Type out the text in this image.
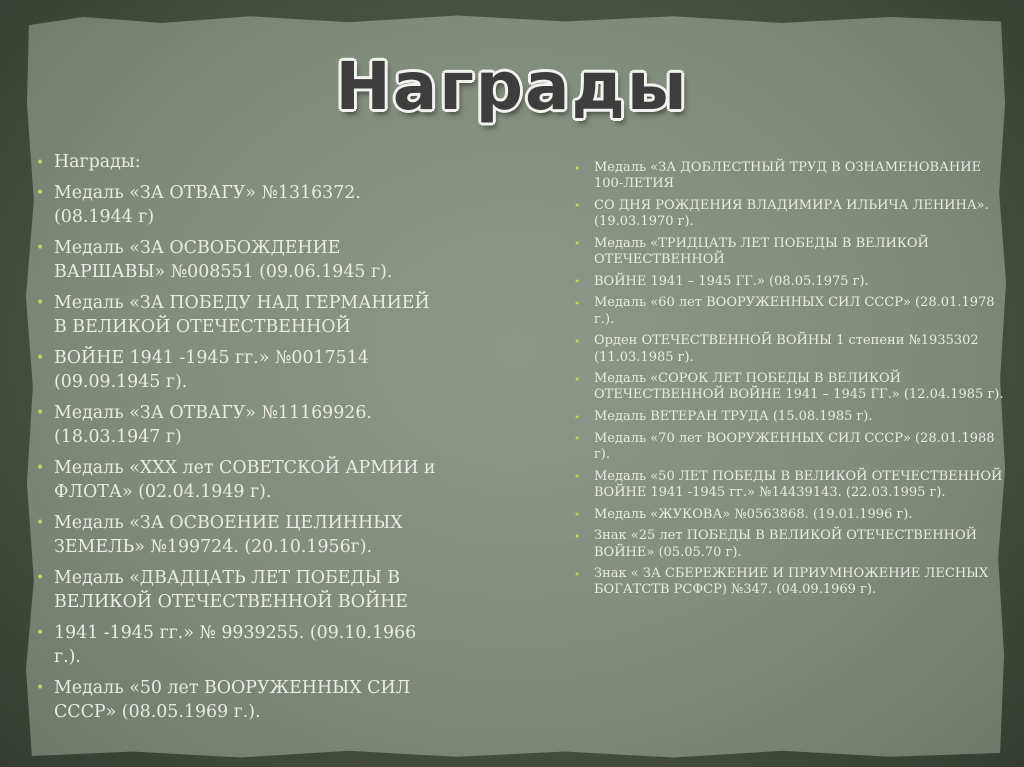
Награды
• Награды:
• Медаль «ЗА ОТВАГУ» №1316372. (08.1944 г)
• Медаль «ЗА ОСВОБОЖДЕНИЕ ВАРШАВЫ» №008551 (09.06.1945 г).
• Медаль «ЗА ПОБЕДУ НАД ГЕРМАНИЕЙ В ВЕЛИКОЙ ОТЕЧЕСТВЕННОЙ
• ВОЙНЕ 1941 -1945 гг.» №0017514 (09.09.1945 г).
• Медаль «ЗА ОТВАГУ» №11169926. (18.03.1947 г)
• Медаль «ХХХ лет СОВЕТСКОЙ АРМИИ и ФЛОТА» (02.04.1949 г).
• Медаль «ЗА ОСВОЕНИЕ ЦЕЛИННЫХ ЗЕМЕЛЬ» №199724. (20.10.1956г).
• Медаль «ДВАДЦАТЬ ЛЕТ ПОБЕДЫ В ВЕЛИКОЙ ОТЕЧЕСТВЕННОЙ ВОЙНЕ
• 1941 -1945 гг.» № 9939255. (09.10.1966 г.).
• Медаль «50 лет ВООРУЖЕННЫХ СИЛ СССР» (08.05.1969 г.).
• Медаль «ЗА ДОБЛЕСТНЫЙ ТРУД В ОЗНАМЕНОВАНИЕ 100-ЛЕТИЯ
• СО ДНЯ РОЖДЕНИЯ ВЛАДИМИРА ИЛЬИЧА ЛЕНИНА». (19.03.1970 г).
• Медаль «ТРИДЦАТЬ ЛЕТ ПОБЕДЫ В ВЕЛИКОЙ ОТЕЧЕСТВЕННОЙ
• ВОЙНЕ 1941 – 1945 ГГ.» (08.05.1975 г).
• Медаль «60 лет ВООРУЖЕННЫХ СИЛ СССР» (28.01.1978 г.).
• Орден ОТЕЧЕСТВЕННОЙ ВОЙНЫ 1 степени №1935302 (11.03.1985 г).
• Медаль «СОРОК ЛЕТ ПОБЕДЫ В ВЕЛИКОЙ ОТЕЧЕСТВЕННОЙ ВОЙНЕ 1941 – 1945 ГГ.» (12.04.1985 г).
• Медаль ВЕТЕРАН ТРУДА (15.08.1985 г).
• Медаль «70 лет ВООРУЖЕННЫХ СИЛ СССР» (28.01.1988 г).
• Медаль «50 ЛЕТ ПОБЕДЫ В ВЕЛИКОЙ ОТЕЧЕСТВЕННОЙ ВОЙНЕ 1941 -1945 гг.» №14439143. (22.03.1995 г).
• Медаль «ЖУКОВА» №0563868. (19.01.1996 г).
• Знак «25 лет ПОБЕДЫ В ВЕЛИКОЙ ОТЕЧЕСТВЕННОЙ ВОЙНЕ» (05.05.70 г).
• Знак « ЗА СБЕРЕЖЕНИЕ И ПРИУМНОЖЕНИЕ ЛЕСНЫХ БОГАТСТВ РСФСР) №347. (04.09.1969 г).
